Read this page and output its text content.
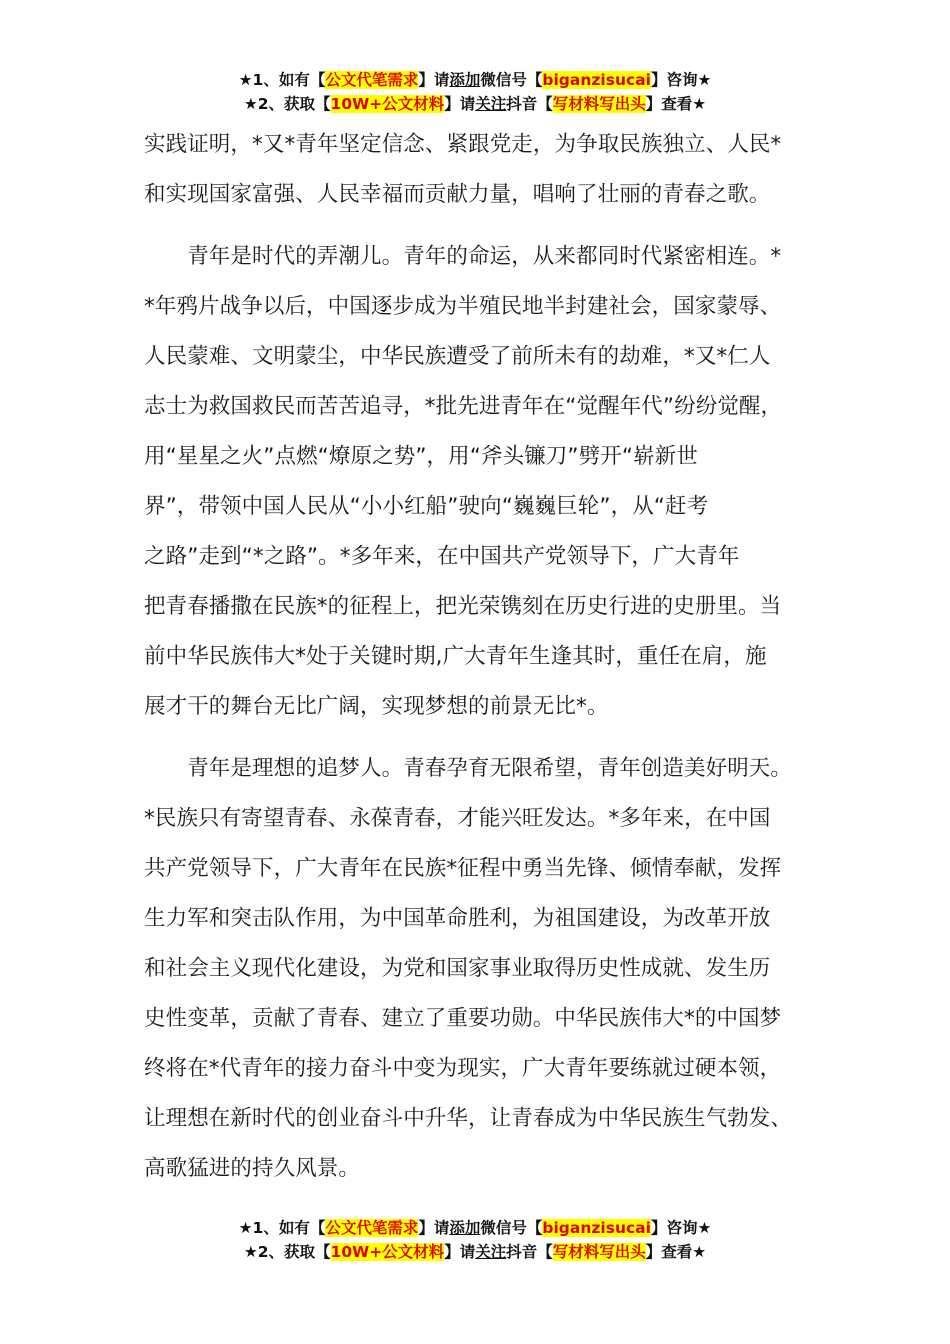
★1、如有【公文代笔需求】请添加微信号【biganzisucai】咨询★
★2、获取【10W+公文材料】请关注抖音【写材料写出头】查看★

实践证明，*又*青年坚定信念、紧跟党走，为争取民族独立、人民*

和实现国家富强、人民幸福而贡献力量，唱响了壮丽的青春之歌。

　　青年是时代的弄潮儿。青年的命运，从来都同时代紧密相连。*

*年鸦片战争以后，中国逐步成为半殖民地半封建社会，国家蒙辱、

人民蒙难、文明蒙尘，中华民族遭受了前所未有的劫难，*又*仁人

志士为救国救民而苦苦追寻，*批先进青年在“觉醒年代”纷纷觉醒，

用“星星之火”点燃“燎原之势”，用“斧头镰刀”劈开“崭新世

界”，带领中国人民从“小小红船”驶向“巍巍巨轮”，从“赶考

之路”走到“*之路”。*多年来，在中国共产党领导下，广大青年

把青春播撒在民族*的征程上，把光荣镌刻在历史行进的史册里。当

前中华民族伟大*处于关键时期,广大青年生逢其时，重任在肩，施

展才干的舞台无比广阔，实现梦想的前景无比*。

　　青年是理想的追梦人。青春孕育无限希望，青年创造美好明天。

*民族只有寄望青春、永葆青春，才能兴旺发达。*多年来，在中国

共产党领导下，广大青年在民族*征程中勇当先锋、倾情奉献，发挥

生力军和突击队作用，为中国革命胜利，为祖国建设，为改革开放

和社会主义现代化建设，为党和国家事业取得历史性成就、发生历

史性变革，贡献了青春、建立了重要功勋。中华民族伟大*的中国梦

终将在*代青年的接力奋斗中变为现实，广大青年要练就过硬本领，

让理想在新时代的创业奋斗中升华，让青春成为中华民族生气勃发、

高歌猛进的持久风景。

★1、如有【公文代笔需求】请添加微信号【biganzisucai】咨询★
★2、获取【10W+公文材料】请关注抖音【写材料写出头】查看★
